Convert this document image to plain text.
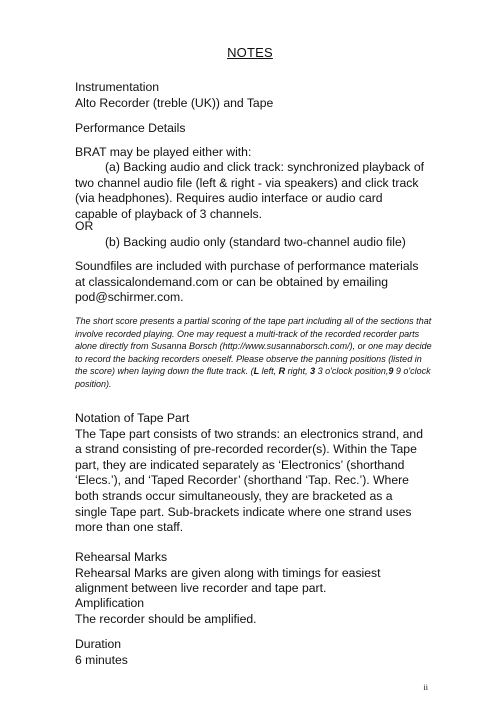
NOTES
Instrumentation
Alto Recorder (treble (UK)) and Tape
Performance Details
BRAT may be played either with:
(a) Backing audio and click track: synchronized playback of two channel audio file (left & right - via speakers) and click track (via headphones). Requires audio interface or audio card capable of playback of 3 channels.
OR
(b) Backing audio only (standard two-channel audio file)
Soundfiles are included with purchase of performance materials at classicalondemand.com or can be obtained by emailing pod@schirmer.com.
The short score presents a partial scoring of the tape part including all of the sections that involve recorded playing. One may request a multi-track of the recorded recorder parts alone directly from Susanna Borsch (http://www.susannaborsch.com/), or one may decide to record the backing recorders oneself. Please observe the panning positions (listed in the score) when laying down the flute track. (L left, R right, 3 3 o'clock position,9 9 o'clock position).
Notation of Tape Part
The Tape part consists of two strands: an electronics strand, and a strand consisting of pre-recorded recorder(s). Within the Tape part, they are indicated separately as ‘Electronics’ (shorthand ‘Elecs.’), and ‘Taped Recorder’ (shorthand ‘Tap. Rec.’). Where both strands occur simultaneously, they are bracketed as a single Tape part. Sub-brackets indicate where one strand uses more than one staff.
Rehearsal Marks
Rehearsal Marks are given along with timings for easiest alignment between live recorder and tape part.
Amplification
The recorder should be amplified.
Duration
6 minutes
ii
